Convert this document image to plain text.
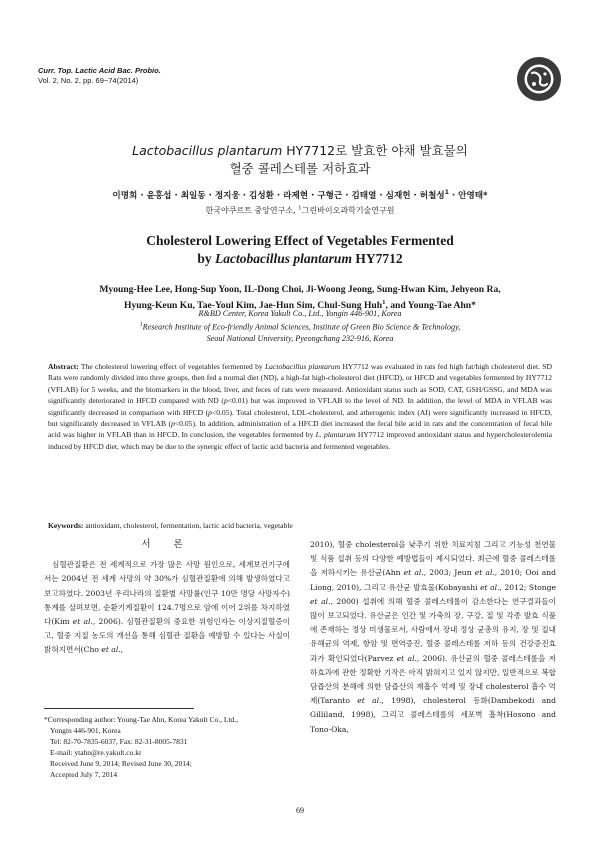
Curr. Top. Lactic Acid Bac. Probio.
Vol. 2, No. 2, pp. 69~74(2014)
Lactobacillus plantarum HY7712로 발효한 야채 발효물의
혈중 콜레스테롤 저하효과
이명희 · 윤홍섭 · 최일동 · 정지웅 · 김성환 · 라제현 · 구형근 · 김태열 · 심재헌 · 허철성$^1$ · 안영태*
한국야쿠르트 중앙연구소, $^1$그린바이오과학기술연구원
Cholesterol Lowering Effect of Vegetables Fermented
by Lactobacillus plantarum HY7712
Myoung-Hee Lee, Hong-Sup Yoon, IL-Dong Choi, Ji-Woong Jeong, Sung-Hwan Kim, Jehyeon Ra,
Hyung-Keun Ku, Tae-Youl Kim, Jae-Hun Sim, Chul-Sung Huh$^1$, and Young-Tae Ahn*
R&BD Center, Korea Yakult Co., Ltd., Yongin 446-901, Korea
$^1$Research Institute of Eco-friendly Animal Sciences, Institute of Green Bio Science & Technology,
Seoul National University, Pyeongchang 232-916, Korea
Abstract: The cholesterol lowering effect of vegetables fermented by Lactobacillus plantarum HY7712 was evaluated in rats fed high fat/high cholesterol diet. SD Rats were randomly divided into three groups, then fed a normal diet (ND), a high-fat high-cholesterol diet (HFCD), or HFCD and vegetables fermented by HY7712 (VFLAB) for 5 weeks, and the biomarkers in the blood, liver, and feces of rats were measured. Antioxidant status such as SOD, CAT, GSH/GSSG, and MDA was significantly deteriorated in HFCD compared with ND (p<0.01) but was improved in VFLAB to the level of ND. In addition, the level of MDA in VFLAB was significantly decreased in comparison with HFCD (p<0.05). Total cholesterol, LDL-cholesterol, and atherogenic index (AI) were significantly increased in HFCD, but significantly decreased in VFLAB (p<0.05). In addition, administration of a HFCD diet increased the fecal bile acid in rats and the concentration of fecal bile acid was higher in VFLAB than in HFCD. In conclusion, the vegetables fermented by L. plantarum HY7712 improved antioxidant status and hypercholesterolemia induced by HFCD diet, which may be due to the synergic effect of lactic acid bacteria and fermented vegetables.
Keywords: antioxidant, cholesterol, fermentation, lactic acid bacteria, vegetable
서 론

심혈관질환은 전 세계적으로 가장 많은 사망 원인으로, 세계보건기구에서는 2004년 전 세계 사망의 약 30%가 심혈관질환에 의해 발생하였다고 보고하였다. 2003년 우리나라의 질환별 사망률(인구 10만 명당 사망자수) 통계를 살펴보면, 순환기계질환이 124.7명으로 암에 이어 2위를 차지하였다(Kim et al., 2006). 심혈관질환의 중요한 위험인자는 이상지질혈증이고, 혈중 지질 농도의 개선을 통해 심혈관 질환을 예방할 수 있다는 사실이 밝혀지면서(Cho et al.,

2010), 혈중 cholesterol을 낮추기 위한 치료지침 그리고 기능성 천연물 및 식품 섭취 등의 다양한 예방법들이 제시되었다. 최근에 혈중 콜레스테롤을 저하시키는 유산균(Ahn et al., 2003; Jeun et al., 2010; Ooi and Liong, 2010), 그리고 유산균 발효물(Kobayashi et al., 2012; Stonge et al., 2000) 섭취에 의해 혈중 콜레스테롤이 감소한다는 연구결과들이 많이 보고되었다. 유산균은 인간 및 가축의 장, 구강, 질 및 각종 발효 식품에 존재하는 정상 미생물로서, 사람에서 장내 정상 균총의 유지, 장 및 질내 유해균의 억제, 항암 및 면역증진, 혈중 콜레스테롤 저하 등의 건강증진효과가 확인되었다(Parvez et al., 2006). 유산균의 혈중 콜레스테롤을 저하효과에 관한 정확한 기작은 아직 밝혀지고 있지 않지만, 일반적으로 복합담즙산의 분해에 의한 담즙산의 재흡수 억제 및 장내 cholesterol 흡수 억제(Taranto et al., 1998), cholesterol 동화(Dambekodi and Gilliland, 1998), 그리고 콜레스테롤의 세포벽 흡착(Hosono and Tono-Oka,

*Corresponding author: Young-Tae Ahn, Korea Yakult Co., Ltd.,
Yongin 446-901, Korea
Tel: 82-70-7835-6037, Fax: 82-31-8005-7831
E-mail: ytahn@re.yakult.co.kr
Received June 9, 2014; Revised June 30, 2014;
Accepted July 7, 2014
69
